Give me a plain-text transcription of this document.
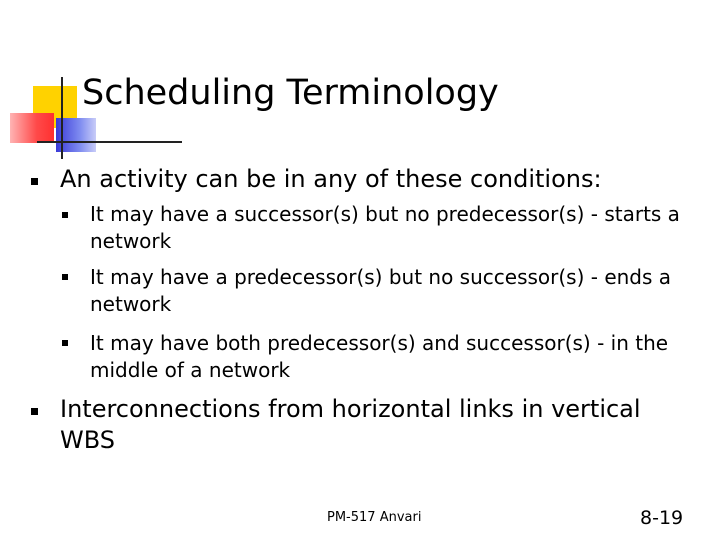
Scheduling Terminology

An activity can be in any of these conditions:

It may have a successor(s) but no predecessor(s) - starts a network

It may have a predecessor(s) but no successor(s) - ends a network

It may have both predecessor(s) and successor(s) - in the middle of a network

Interconnections from horizontal links in vertical WBS

PM-517 Anvari	8-19
